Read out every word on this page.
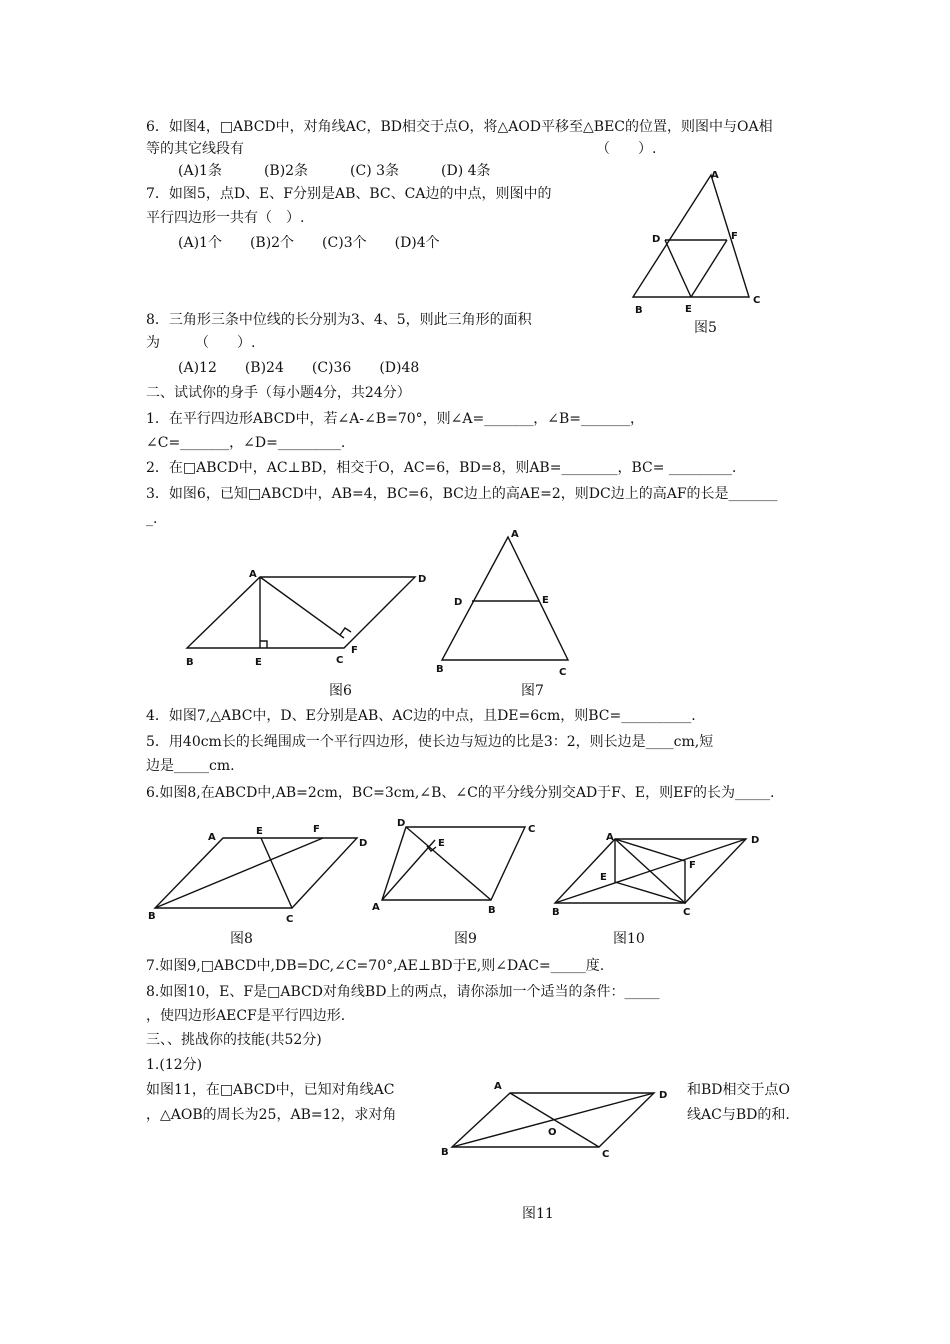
6．如图4，□ABCD中，对角线AC，BD相交于点O，将△AOD平移至△BEC的位置，则图中与OA相
等的其它线段有	（　　）.
(A)1条　　　(B)2条　　　(C) 3条　　　(D) 4条
7．如图5，点D、E、F分别是AB、BC、CA边的中点，则图中的
平行四边形一共有（　）.
(A)1个　　(B)2个　　(C)3个　　(D)4个
8．三角形三条中位线的长分别为3、4、5，则此三角形的面积
为　　　（　　）.
(A)12　　(B)24　　(C)36　　(D)48
A
D	F
B	E
C
图5
二、试试你的身手（每小题4分，共24分）
1．在平行四边形ABCD中，若∠A-∠B=70°，则∠A=_______，∠B=_______，
∠C=_______，∠D=_________.
2．在□ABCD中，AC⊥BD，相交于O，AC=6，BD=8，则AB=________，BC= _________.
3．如图6，已知□ABCD中，AB=4，BC=6，BC边上的高AE=2，则DC边上的高AF的长是_______
_.
A	D
B	E	C
F
图6
A
D	E
B	C
图7
4．如图7,△ABC中，D、E分别是AB、AC边的中点，且DE=6cm，则BC=__________.
5．用40cm长的长绳围成一个平行四边形，使长边与短边的比是3：2，则长边是____cm,短
边是_____cm.
6.如图8,在ABCD中,AB=2cm，BC=3cm,∠B、∠C的平分线分别交AD于F、E，则EF的长为_____.
A
E	F
D
B	C
图8
D
C
E
A	B
图9
A	D
E
F
B	C
图10
7.如图9,□ABCD中,DB=DC,∠C=70°,AE⊥BD于E,则∠DAC=_____度.
8.如图10，E、F是□ABCD对角线BD上的两点，请你添加一个适当的条件：_____
，使四边形AECF是平行四边形.
三、、挑战你的技能(共52分)
1.(12分)
如图11，在□ABCD中，已知对角线AC
，△AOB的周长为25，AB=12，求对角
和BD相交于点O
线AC与BD的和.
A
D
O
B	C
图11
